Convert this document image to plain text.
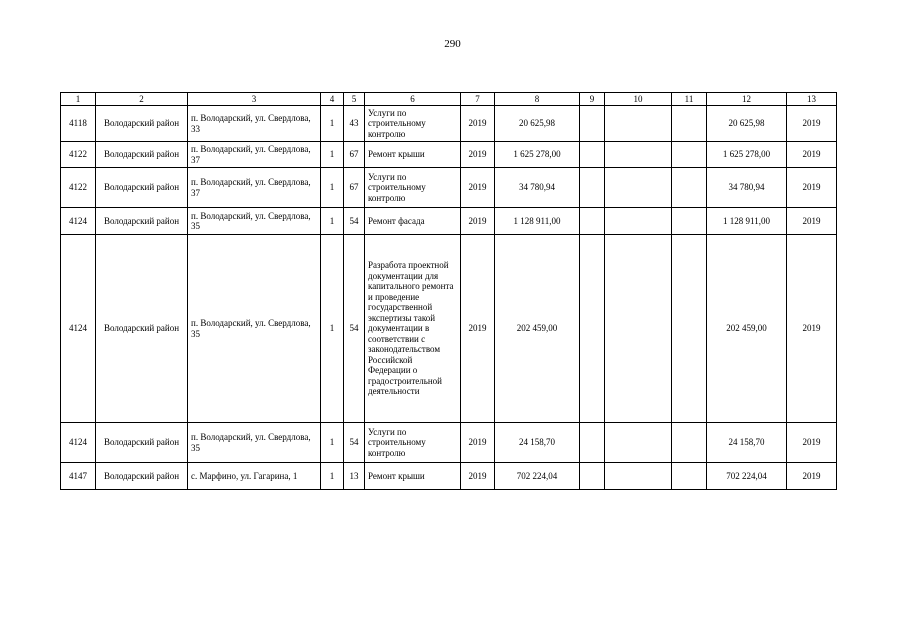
290
1	2	3	4	5	6	7	8	9	10	11	12	13
4118	Володарский район	п. Володарский, ул. Свердлова, 33	1	43	Услуги по строительному контролю	2019	20 625,98				20 625,98	2019
4122	Володарский район	п. Володарский, ул. Свердлова, 37	1	67	Ремонт крыши	2019	1 625 278,00				1 625 278,00	2019
4122	Володарский район	п. Володарский, ул. Свердлова, 37	1	67	Услуги по строительному контролю	2019	34 780,94				34 780,94	2019
4124	Володарский район	п. Володарский, ул. Свердлова, 35	1	54	Ремонт фасада	2019	1 128 911,00				1 128 911,00	2019
4124	Володарский район	п. Володарский, ул. Свердлова, 35	1	54	Разработа проектной документации для капитального ремонта и проведение государственной экспертизы такой документации в соответствии с законодательством Российской Федерации о градостроительной деятельности	2019	202 459,00				202 459,00	2019
4124	Володарский район	п. Володарский, ул. Свердлова, 35	1	54	Услуги по строительному контролю	2019	24 158,70				24 158,70	2019
4147	Володарский район	с. Марфино, ул. Гагарина, 1	1	13	Ремонт крыши	2019	702 224,04				702 224,04	2019
